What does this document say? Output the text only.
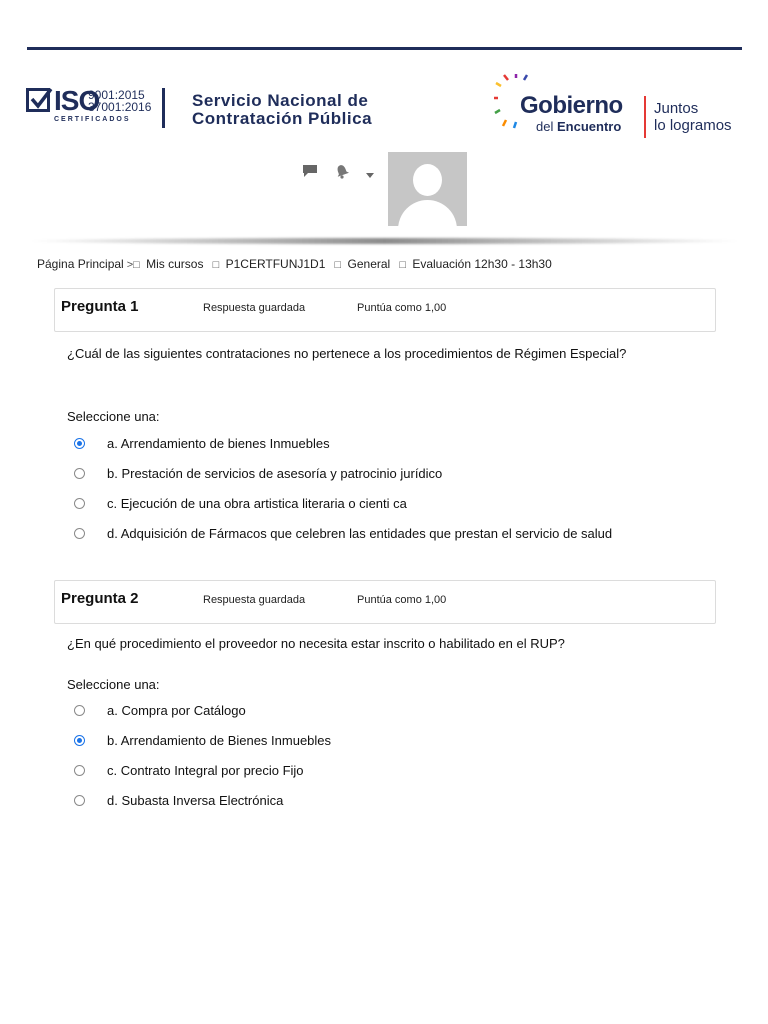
ISO
9001:2015
37001:2016
CERTIFICADOS
Servicio Nacional de
Contratación Pública	Gobierno
del Encuentro
Juntos
lo logramos
Página Principal >□ Mis cursos  □ P1CERTFUNJ1D1  □ General  □ Evaluación 12h30 - 13h30
Pregunta 1	Respuesta guardada	Puntúa como 1,00
¿Cuál de las siguientes contrataciones no pertenece a los procedimientos de Régimen Especial?
Seleccione una:
a. Arrendamiento de bienes Inmuebles
b. Prestación de servicios de asesoría y patrocinio jurídico
c. Ejecución de una obra artistica literaria o cienti ca
d. Adquisición de Fármacos que celebren las entidades que prestan el servicio de salud
Pregunta 2	Respuesta guardada	Puntúa como 1,00
¿En qué procedimiento el proveedor no necesita estar inscrito o habilitado en el RUP?
Seleccione una:
a. Compra por Catálogo
b. Arrendamiento de Bienes Inmuebles
c. Contrato Integral por precio Fijo
d. Subasta Inversa Electrónica
